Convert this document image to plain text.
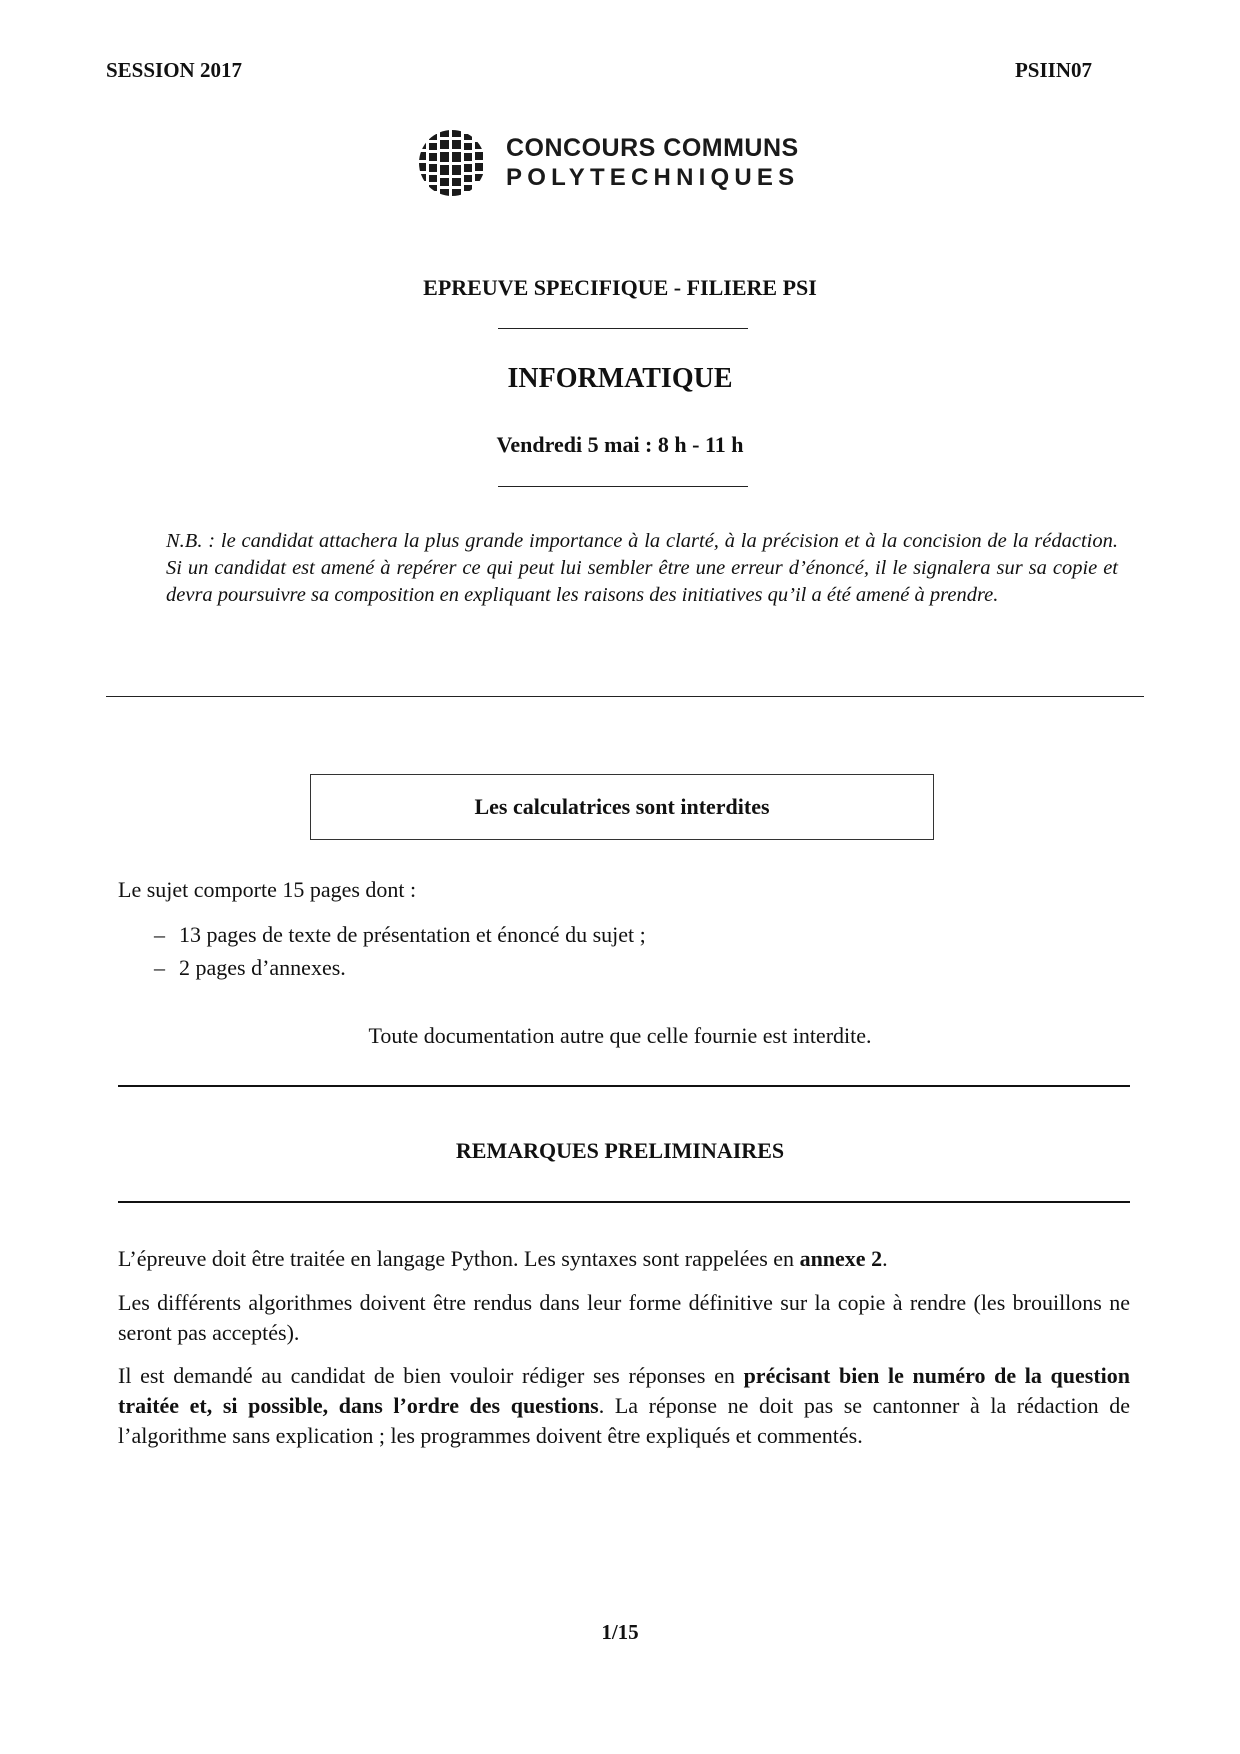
SESSION 2017	PSIIN07
CONCOURS COMMUNS
POLYTECHNIQUES
EPREUVE SPECIFIQUE - FILIERE PSI
INFORMATIQUE
Vendredi 5 mai : 8 h - 11 h
N.B. : le candidat attachera la plus grande importance à la clarté, à la précision et à la concision de la rédaction. Si un candidat est amené à repérer ce qui peut lui sembler être une erreur d’énoncé, il le signalera sur sa copie et devra poursuivre sa composition en expliquant les raisons des initiatives qu’il a été amené à prendre.
Les calculatrices sont interdites
Le sujet comporte 15 pages dont :
– 13 pages de texte de présentation et énoncé du sujet ;
– 2 pages d’annexes.
Toute documentation autre que celle fournie est interdite.
REMARQUES PRELIMINAIRES
L’épreuve doit être traitée en langage Python. Les syntaxes sont rappelées en annexe 2.
Les différents algorithmes doivent être rendus dans leur forme définitive sur la copie à rendre (les brouillons ne seront pas acceptés).
Il est demandé au candidat de bien vouloir rédiger ses réponses en précisant bien le numéro de la question traitée et, si possible, dans l’ordre des questions. La réponse ne doit pas se cantonner à la rédaction de l’algorithme sans explication ; les programmes doivent être expliqués et commentés.
1/15
